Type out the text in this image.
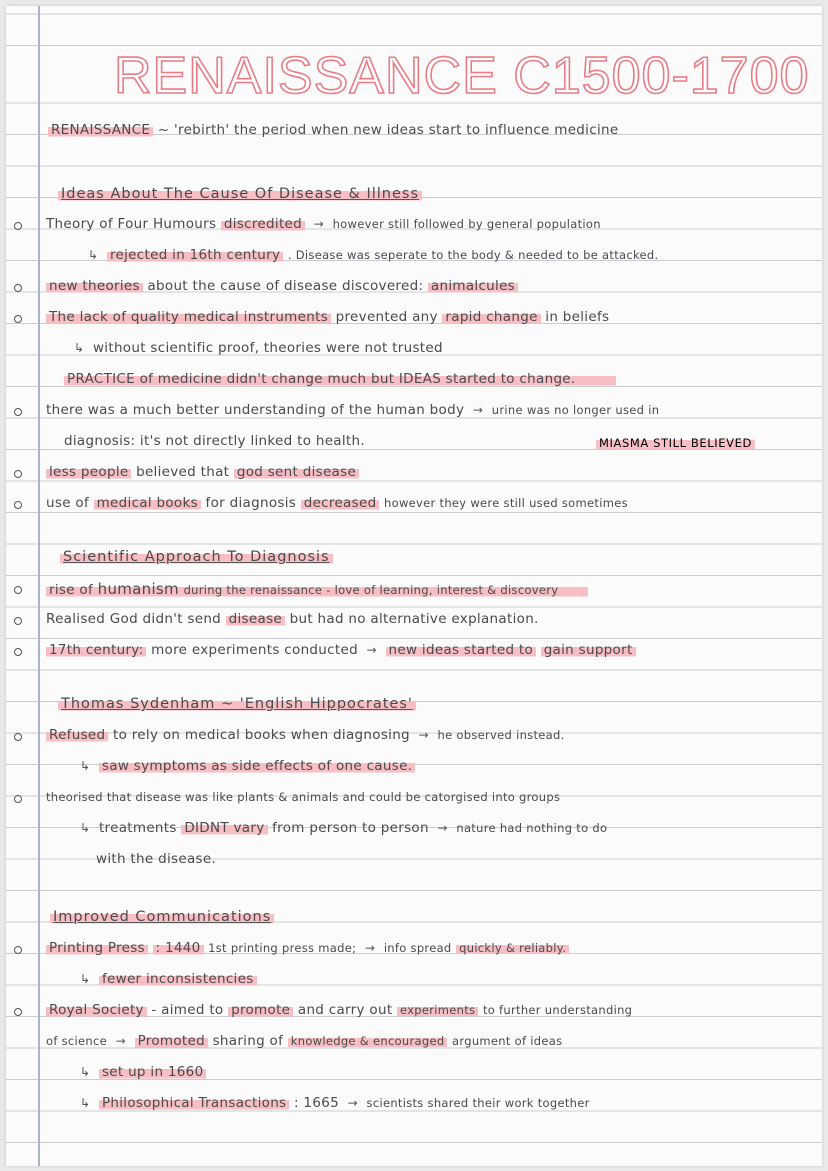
RENAISSANCE C1500-1700
RENAISSANCE ~ 'rebirth' the period when new ideas start to influence medicine
Ideas About The Cause Of Disease & Illness
Theory of Four Humours discredited → however still followed by general population
↳ rejected in 16th century . Disease was seperate to the body & needed to be attacked.
new theories about the cause of disease discovered: animalcules
The lack of quality medical instruments prevented any rapid change in beliefs
↳ without scientific proof, theories were not trusted
PRACTICE of medicine didn't change much but IDEAS started to change.
there was a much better understanding of the human body → urine was no longer used in
diagnosis: it's not directly linked to health.	MIASMA STILL BELIEVED
less people believed that god sent disease
use of medical books for diagnosis decreased however they were still used sometimes
Scientific Approach To Diagnosis
rise of humanism during the renaissance - love of learning, interest & discovery
Realised God didn't send disease but had no alternative explanation.
17th century: more experiments conducted → new ideas started to gain support
Thomas Sydenham ~ 'English Hippocrates'
Refused to rely on medical books when diagnosing → he observed instead.
↳ saw symptoms as side effects of one cause.
theorised that disease was like plants & animals and could be catorgised into groups
↳ treatments DIDNT vary from person to person → nature had nothing to do
with the disease.
Improved Communications
Printing Press : 1440 1st printing press made; → info spread quickly & reliably.
↳ fewer inconsistencies
Royal Society - aimed to promote and carry out experiments to further understanding
of science → Promoted sharing of knowledge & encouraged argument of ideas
↳ set up in 1660
↳ Philosophical Transactions : 1665 → scientists shared their work together
